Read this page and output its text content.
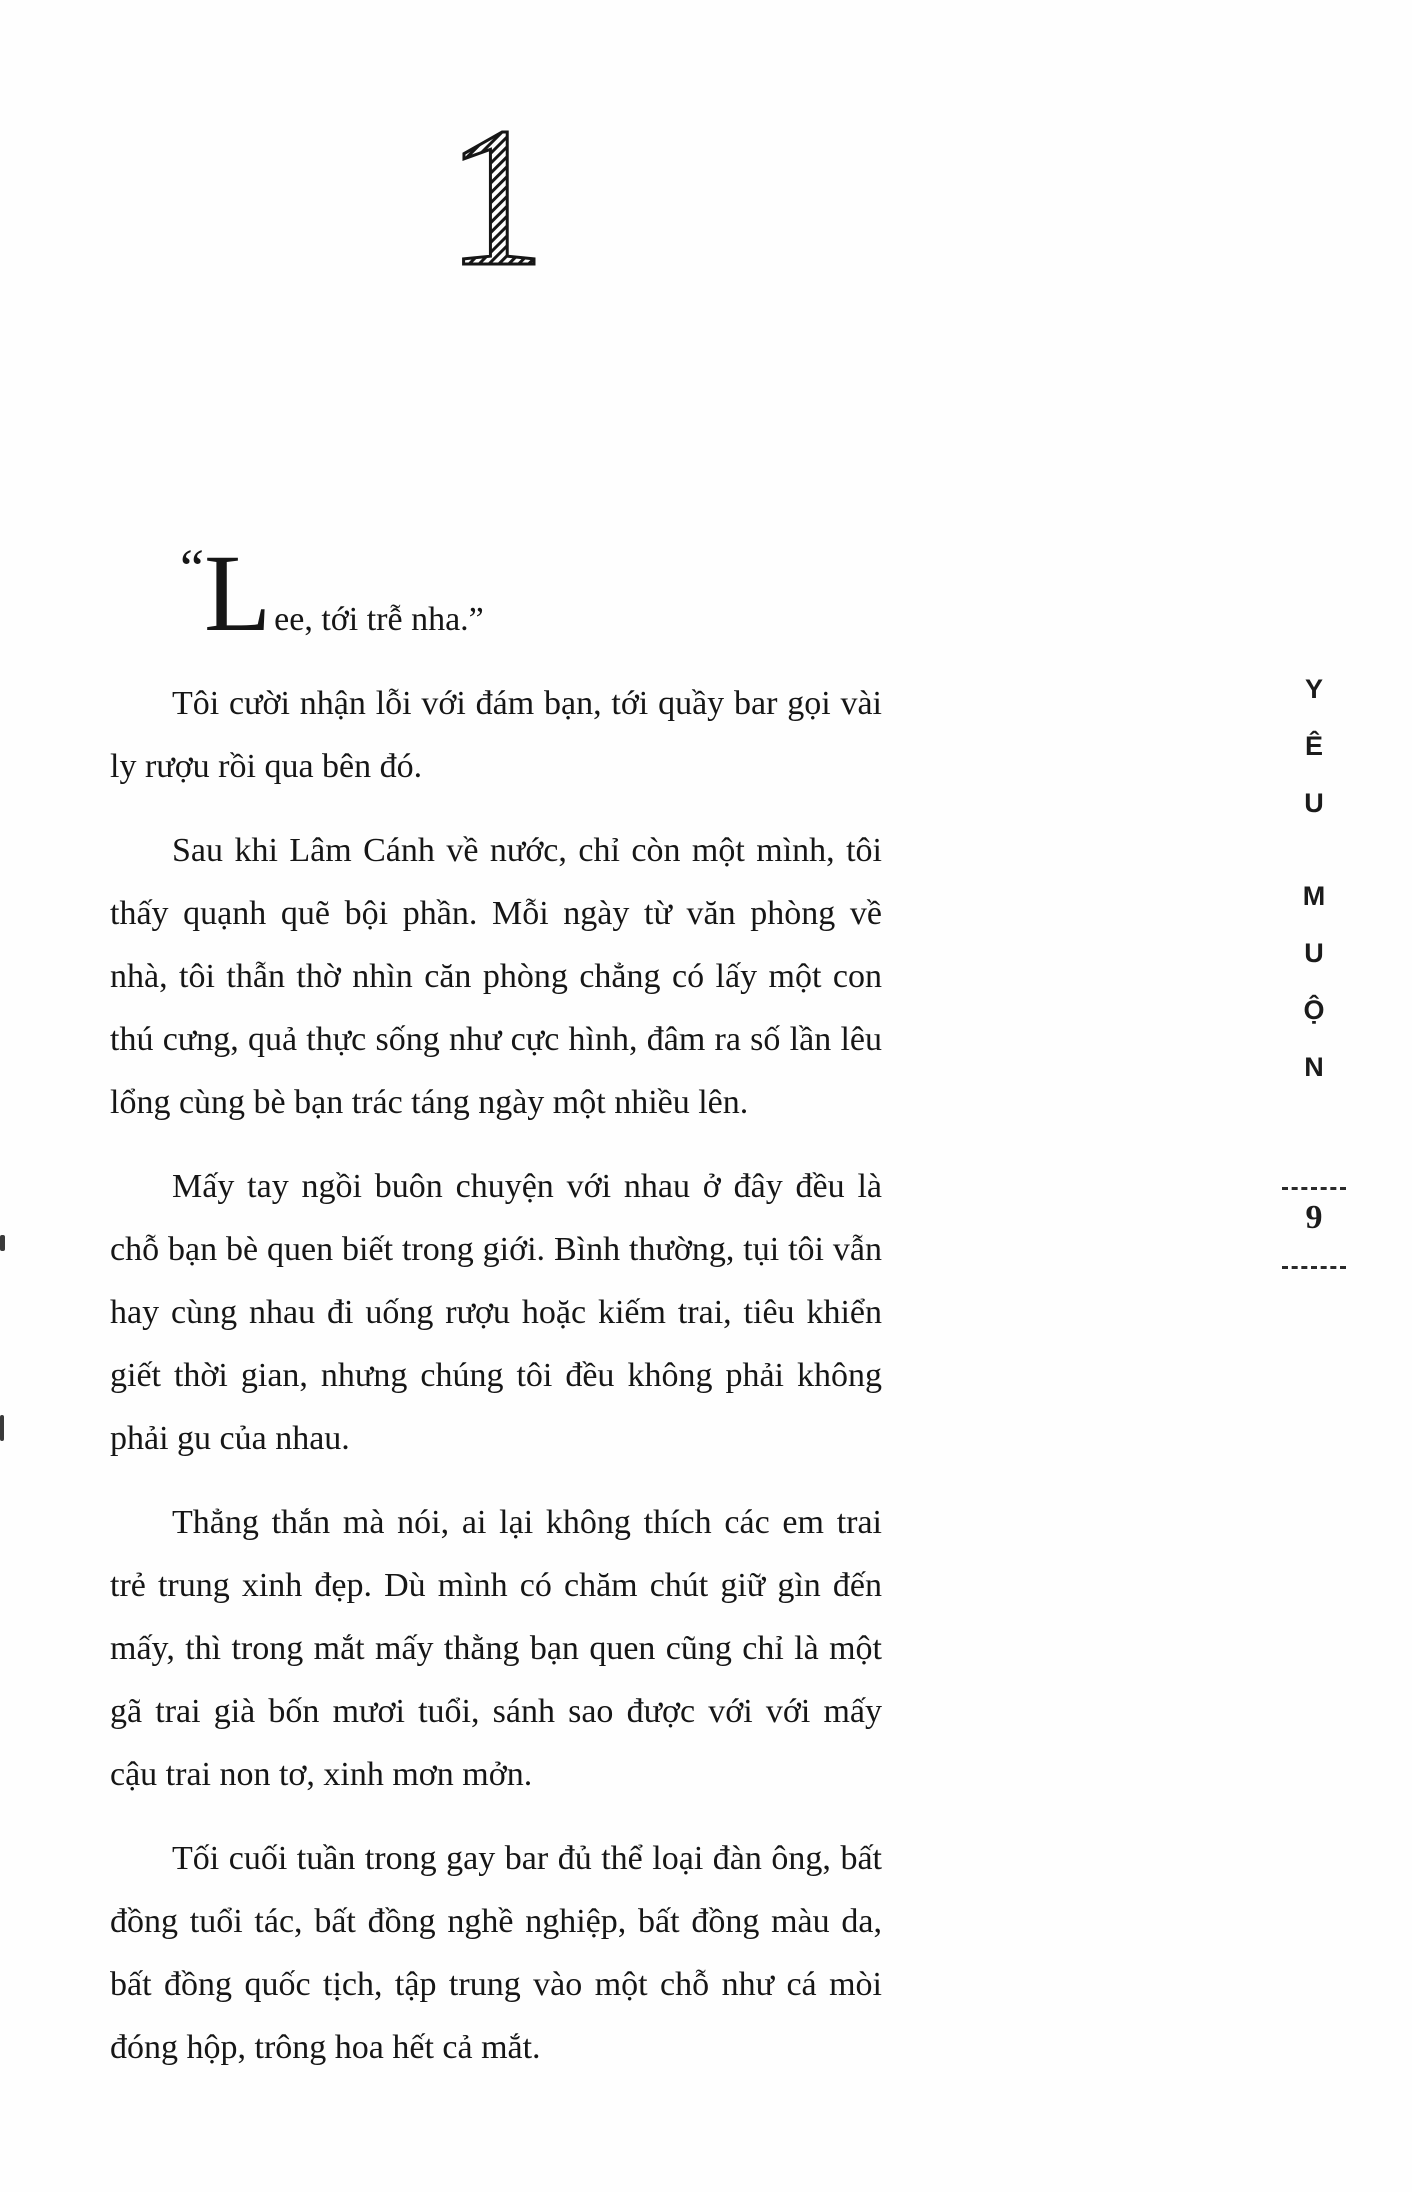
1

“Lee, tới trễ nha.”

Tôi cười nhận lỗi với đám bạn, tới quầy bar gọi vài ly rượu rồi qua bên đó.

Sau khi Lâm Cánh về nước, chỉ còn một mình, tôi thấy quạnh quẽ bội phần. Mỗi ngày từ văn phòng về nhà, tôi thẫn thờ nhìn căn phòng chẳng có lấy một con thú cưng, quả thực sống như cực hình, đâm ra số lần lêu lổng cùng bè bạn trác táng ngày một nhiều lên.

Mấy tay ngồi buôn chuyện với nhau ở đây đều là chỗ bạn bè quen biết trong giới. Bình thường, tụi tôi vẫn hay cùng nhau đi uống rượu hoặc kiếm trai, tiêu khiển giết thời gian, nhưng chúng tôi đều không phải không phải gu của nhau.

Thẳng thắn mà nói, ai lại không thích các em trai trẻ trung xinh đẹp. Dù mình có chăm chút giữ gìn đến mấy, thì trong mắt mấy thằng bạn quen cũng chỉ là một gã trai già bốn mươi tuổi, sánh sao được với với mấy cậu trai non tơ, xinh mơn mởn.

Tối cuối tuần trong gay bar đủ thể loại đàn ông, bất đồng tuổi tác, bất đồng nghề nghiệp, bất đồng màu da, bất đồng quốc tịch, tập trung vào một chỗ như cá mòi đóng hộp, trông hoa hết cả mắt.

Y
Ê
U
M
U
Ộ
N
9
